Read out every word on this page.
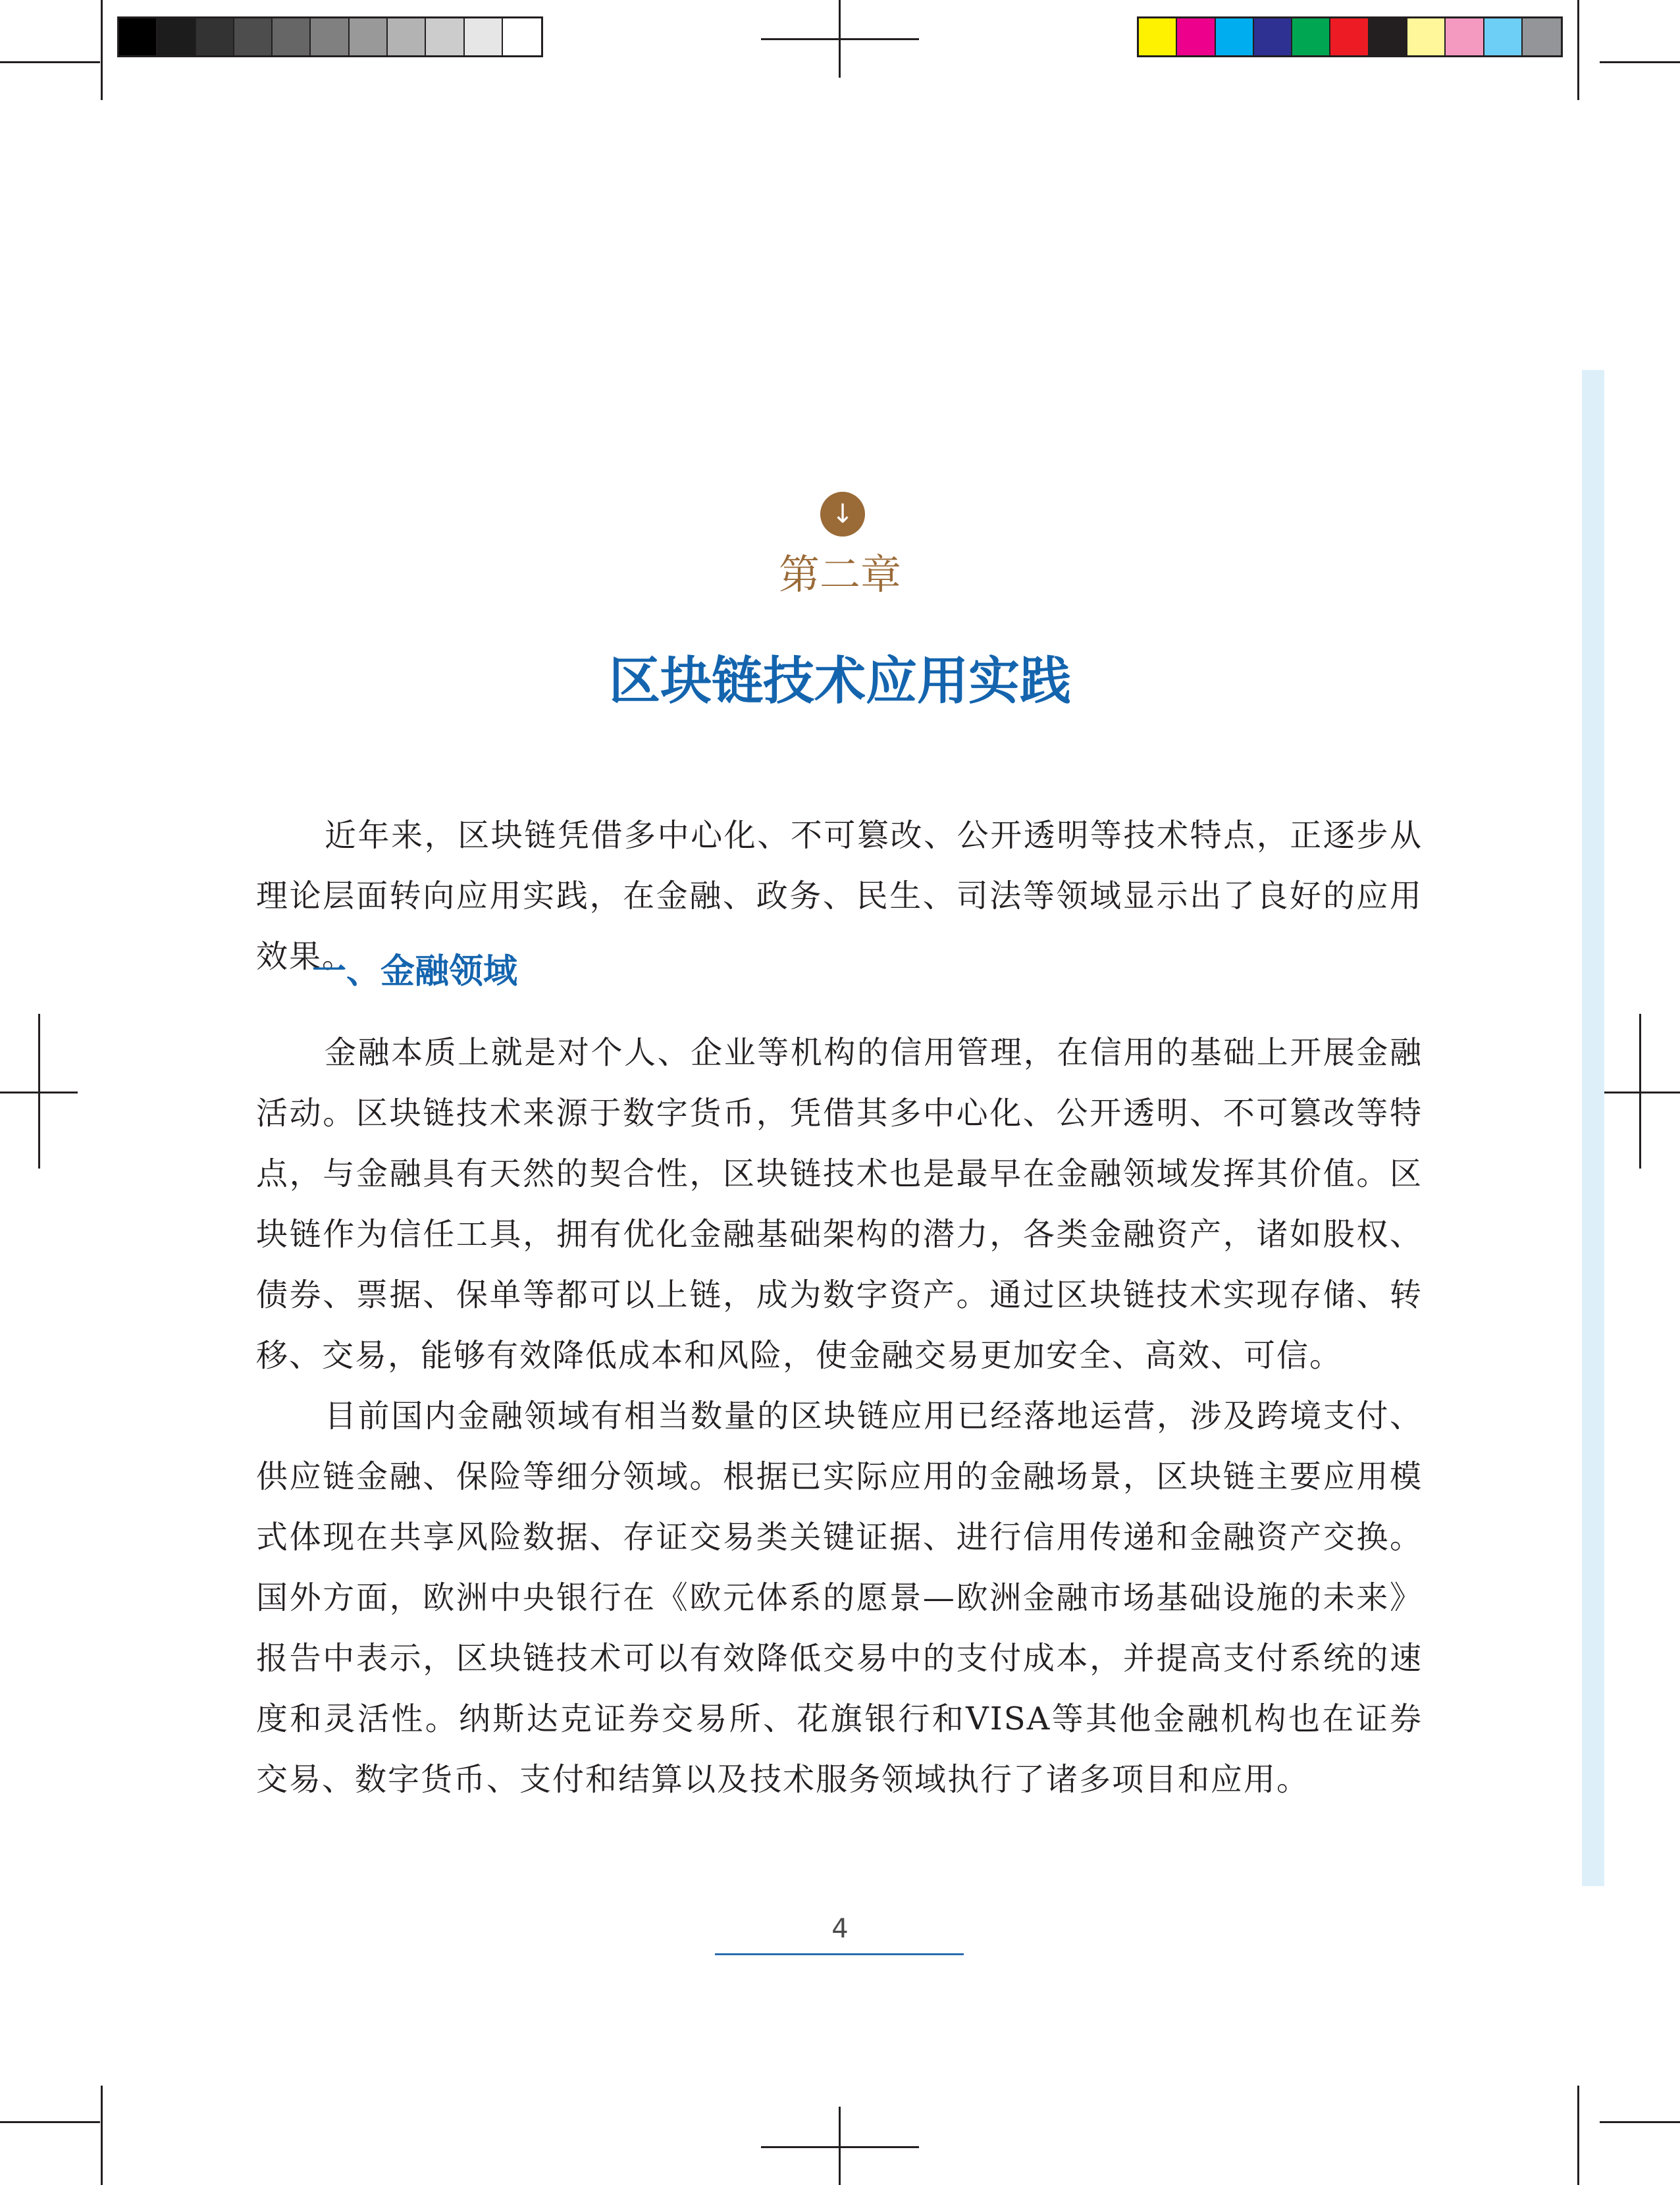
↓
第二章
区块链技术应用实践

近年来，区块链凭借多中心化、不可篡改、公开透明等技术特点，正逐步从理论层面转向应用实践，在金融、政务、民生、司法等领域显示出了良好的应用效果。

一、金融领域

金融本质上就是对个人、企业等机构的信用管理，在信用的基础上开展金融活动。区块链技术来源于数字货币，凭借其多中心化、公开透明、不可篡改等特点，与金融具有天然的契合性，区块链技术也是最早在金融领域发挥其价值。区块链作为信任工具，拥有优化金融基础架构的潜力，各类金融资产，诸如股权、债券、票据、保单等都可以上链，成为数字资产。通过区块链技术实现存储、转移、交易，能够有效降低成本和风险，使金融交易更加安全、高效、可信。

目前国内金融领域有相当数量的区块链应用已经落地运营，涉及跨境支付、供应链金融、保险等细分领域。根据已实际应用的金融场景，区块链主要应用模式体现在共享风险数据、存证交易类关键证据、进行信用传递和金融资产交换。国外方面，欧洲中央银行在《欧元体系的愿景—欧洲金融市场基础设施的未来》报告中表示，区块链技术可以有效降低交易中的支付成本，并提高支付系统的速度和灵活性。纳斯达克证券交易所、花旗银行和VISA等其他金融机构也在证券交易、数字货币、支付和结算以及技术服务领域执行了诸多项目和应用。

4
